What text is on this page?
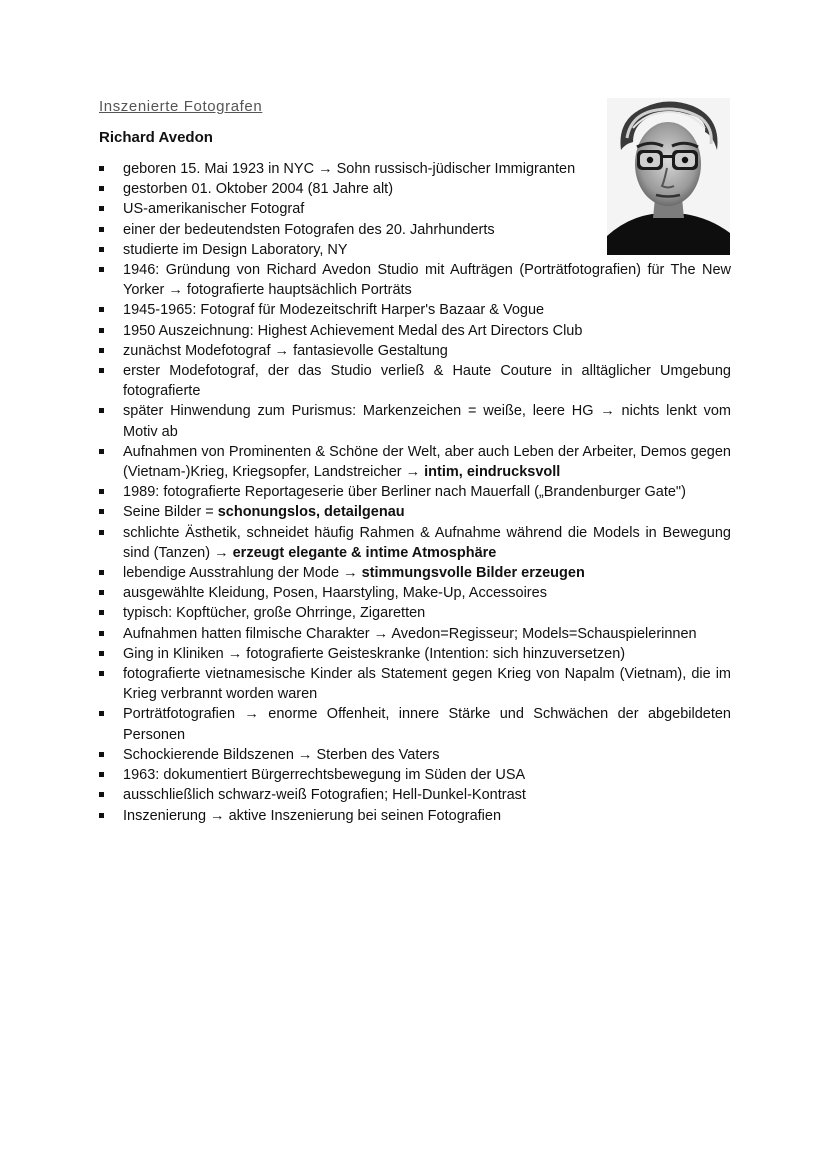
Inszenierte Fotografen
Richard Avedon
geboren 15. Mai 1923 in NYC → Sohn russisch-jüdischer Immigranten
gestorben 01. Oktober 2004 (81 Jahre alt)
US-amerikanischer Fotograf
einer der bedeutendsten Fotografen des 20. Jahrhunderts
studierte im Design Laboratory, NY
1946: Gründung von Richard Avedon Studio mit Aufträgen (Porträtfotografien) für The New Yorker → fotografierte hauptsächlich Porträts
1945-1965: Fotograf für Modezeitschrift Harper's Bazaar & Vogue
1950 Auszeichnung: Highest Achievement Medal des Art Directors Club
zunächst Modefotograf → fantasievolle Gestaltung
erster Modefotograf, der das Studio verließ & Haute Couture in alltäglicher Umgebung fotografierte
später Hinwendung zum Purismus: Markenzeichen = weiße, leere HG → nichts lenkt vom Motiv ab
Aufnahmen von Prominenten & Schöne der Welt, aber auch Leben der Arbeiter, Demos gegen (Vietnam-)Krieg, Kriegsopfer, Landstreicher → intim, eindrucksvoll
1989: fotografierte Reportageserie über Berliner nach Mauerfall („Brandenburger Gate")
Seine Bilder = schonungslos, detailgenau
schlichte Ästhetik, schneidet häufig Rahmen & Aufnahme während die Models in Bewegung sind (Tanzen) → erzeugt elegante & intime Atmosphäre
lebendige Ausstrahlung der Mode → stimmungsvolle Bilder erzeugen
ausgewählte Kleidung, Posen, Haarstyling, Make-Up, Accessoires
typisch: Kopftücher, große Ohrringe, Zigaretten
Aufnahmen hatten filmische Charakter → Avedon=Regisseur; Models=Schauspielerinnen
Ging in Kliniken → fotografierte Geisteskranke (Intention: sich hinzuversetzen)
fotografierte vietnamesische Kinder als Statement gegen Krieg von Napalm (Vietnam), die im Krieg verbrannt worden waren
Porträtfotografien → enorme Offenheit, innere Stärke und Schwächen der abgebildeten Personen
Schockierende Bildszenen → Sterben des Vaters
1963: dokumentiert Bürgerrechtsbewegung im Süden der USA
ausschließlich schwarz-weiß Fotografien; Hell-Dunkel-Kontrast
Inszenierung → aktive Inszenierung bei seinen Fotografien
